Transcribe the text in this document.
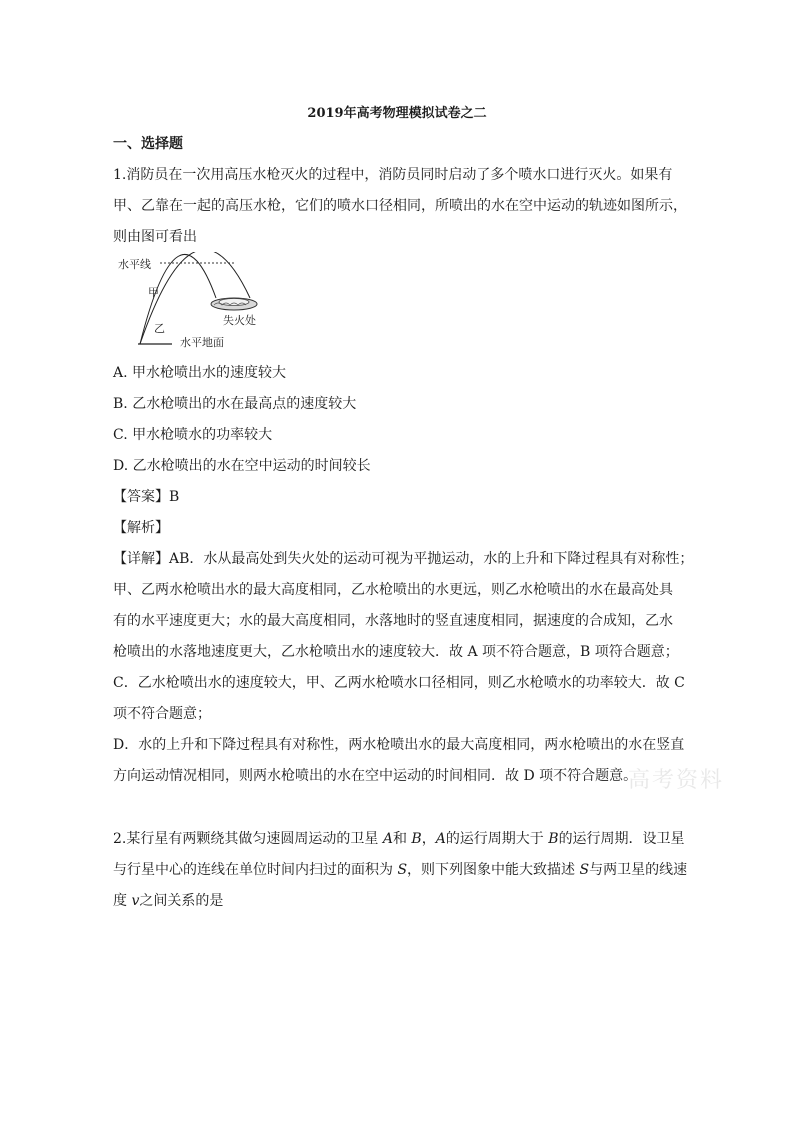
2019年高考物理模拟试卷之二
一、选择题
1.消防员在一次用高压水枪灭火的过程中，消防员同时启动了多个喷水口进行灭火。如果有
甲、乙靠在一起的高压水枪，它们的喷水口径相同，所喷出的水在空中运动的轨迹如图所示，
则由图可看出
水平线
甲
乙
失火处
水平地面
A. 甲水枪喷出水的速度较大
B. 乙水枪喷出的水在最高点的速度较大
C. 甲水枪喷水的功率较大
D. 乙水枪喷出的水在空中运动的时间较长
【答案】B
【解析】
【详解】AB．水从最高处到失火处的运动可视为平抛运动，水的上升和下降过程具有对称性；
甲、乙两水枪喷出水的最大高度相同，乙水枪喷出的水更远，则乙水枪喷出的水在最高处具
有的水平速度更大；水的最大高度相同，水落地时的竖直速度相同，据速度的合成知，乙水
枪喷出的水落地速度更大，乙水枪喷出水的速度较大．故 A 项不符合题意，B 项符合题意；
C．乙水枪喷出水的速度较大，甲、乙两水枪喷水口径相同，则乙水枪喷水的功率较大．故 C
项不符合题意；
D．水的上升和下降过程具有对称性，两水枪喷出水的最大高度相同，两水枪喷出的水在竖直
方向运动情况相同，则两水枪喷出的水在空中运动的时间相同．故 D 项不符合题意。
高考资料
2.某行星有两颗绕其做匀速圆周运动的卫星 A和 B，A的运行周期大于 B的运行周期．设卫星
与行星中心的连线在单位时间内扫过的面积为 S，则下列图象中能大致描述 S与两卫星的线速
度 v之间关系的是
